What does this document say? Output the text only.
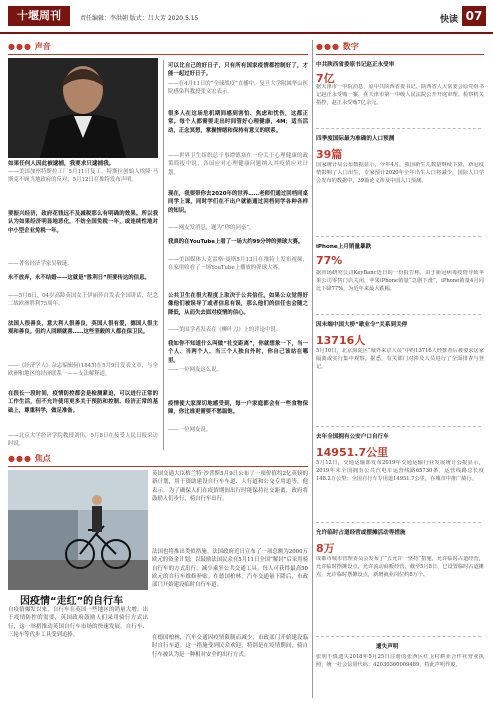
十堰周刊	责任编辑：李洪朝 版式：吕大芳 2020.5.15	快读 07
●●● 声音
如果任何人因此被逮捕，我要求只逮捕我。
——美国加州特斯拉工厂5月11日复工，特斯拉创始人埃隆·马斯克不顾当地政府的反对，5月12日在推特发布声明。
要振兴经济，政府花钱远不及减税那么有明确的效果。所以我认为如果经济明显地恶化，不妨全国免税一年，或连续性地对中小型企业免税一年。
——著名经济学家吴敬琏。
永不放弃，永不结婚——这就是“胜利日”所要传达的信息。
——5月8日，04岁高龄英国女王伊丽莎白发表全国讲话，纪念二战欧洲胜利75周年。
法国人很善良，意大利人很善良，英国人很有爱，德国人很主观和善良。但约人回顾就喜……这些坚毅的人都在保卫民。
——《经济学人》杂志编辑何(1845)在5月9日发表文章，与全欧洲和地区的经济联系一——支法解释道。
在很长一段时间，疫情防控都会是检测紧迫，可以进行正常的工作生活，但不允许使用更多关于预防和控制、经济正常的基础上，尊重科学，做足准备。
——北京大学经济学院教授刘伟，5月8日在接受人民日报采访时说。
可以比自己的好日子，只有所有国家疫情都控制好了，才能一起过好日子。
——在4月11日的“全球战疫”直播中，复旦大学附属华山医院感染科教授张文宏表示。
很多人在这场危机期间感到害怕、焦虑和忧伤，这都正常。每个人都需要走出时间管好心理健康，4M；适当活动，正念冥想，掌握情绪和保持有意义的联系。
——世界卫生组织总干事谭德塞在一份关于心理健康的政策简报中说，各国应对心理健康问题纳入其疫情应对计划。
现在，我要带你去2020年的世界……老师们通过回档同桌同学上课，同时学们在不出户就能通过回档同学各种各样的知识。
——网友发消息，题为“你的同桌”。
我真的在YouTube上看了一场大约99分钟的弹球大赛。
——美国媒体人克雷格·曼斯5月13日在推特上发布视频，在家里收看了一场YouTube上播放的弹球大赛。
公共卫生在很大程度上取决于公共信任。如果公众觉得好像他们被误导了或者信息有误，那么他们的信任也会随之降低，从而失去面对疫情的信心。
——美国学者发表在《柳叶刀》上的评论中说。
我如你不知道什么叫做“社交距离”，你就想象一下，当一个人、当两个人、当三个人独自外时，你自己该站在哪里。
——一位网友这么说。
疫情使大家深切地感受到，每一户家庭都会有一些食物保障，你比谁更需要不愁温饱。
——一位网友说。
●●● 焦点
因疫情“走红”的自行车
自疫情爆发以来，自行车在英国一些地区的销量大增。出于疫情防控的需要，英国政府鼓励人们采用骑行方式出行，这一举措推动英国自行车市场的快速发展。自行车、三轮车等代步工具受到追捧。
英国交通大臣格兰特·沙普斯5月9日公布了一项价值约2亿英镑的新计划，用于资助建设自行车车道、人行道和公交专用道等。他表示，为了确保人们在疫情期间出行时能保持社交距离，政府将鼓励人们步行、骑自行车出行。
法国也将推出类似措施。法国政府近日宣布了一项总额为2000万欧元的资金计划，以鼓励法国民众在5月11日全国“解封”后采用骑自行车的方式出行，减少乘坐公共交通工具。每人可获得最高50欧元的自行车维修补贴。在德国柏林，汽车交通量下降后，市政部门开始建设临时自行车道。
在德国柏林，汽车交通因疫情限制而减少，市政部门开始建设临时自行车道。这一措施受到民众欢迎，特别是在疫情期间，骑自行车被认为是一种相对安全的出行方式。
●●● 数字
中共陕西省委原书记赵正永受审
7亿
据天津市一中院消息，原中共陕西省委书记、陕西省人大常委会原党组书记赵正永受贿一案，在天津市第一中级人民法院公开开庭审理。检察机关指控，赵正永受贿7亿余元。
四季度国际最为准确的人口预测
39篇
国家统计局公布数据显示，今年4月，我国新生儿数量继续下降，新冠疫情影响了人口出生，专家预计2020年全年出生人口将减少。国际人口学会发布的数据中，39篇论文涉及中国人口预测。
iPhone上月销量暴跌
77%
据市场研究公司KeyBanc近日的一份报告称，由于新冠病毒疫情导致苹果公司零售门店关闭，苹果iPhone销量“急剧下滑”，iPhone销量4月同比下降77%，为近年来最大跌幅。
因末端中国大桥“歇业令”关系到关停
13716人
5月10日，北京海淀区“城外来京人员”中约13716人经排查后被要求居家隔离或实行集中观察。据悉，有关部门对涉及人员进行了全面排查与登记。
去年全国拥有公安户口自行车
14951.7公里
5月12日，交通运输部发布2019年交通运输行业发展统计公报显示，2019年末全国拥有公共汽电车运营线路65730条，运营线路总长度148.2万公里；全国自行车专用道14951.7公里，在城市中推广骑行。
允许临时占道经营或摆摊活动等措施
8万
成都市城市管理委员会发布了“五允许一坚持”措施，允许临时占道经营，允许临时摆摊设点，允许流动商贩经营，截至5月8日，已设置临时占道摊点，允许临时摆摊设点，新增就业岗位约8万个。
遗失声明
张明不慎遗失2018年5月25日注册的张西区红卫村耕业合作社营业执照，统一社会信用代码：42030360009489，特此声明作废。
